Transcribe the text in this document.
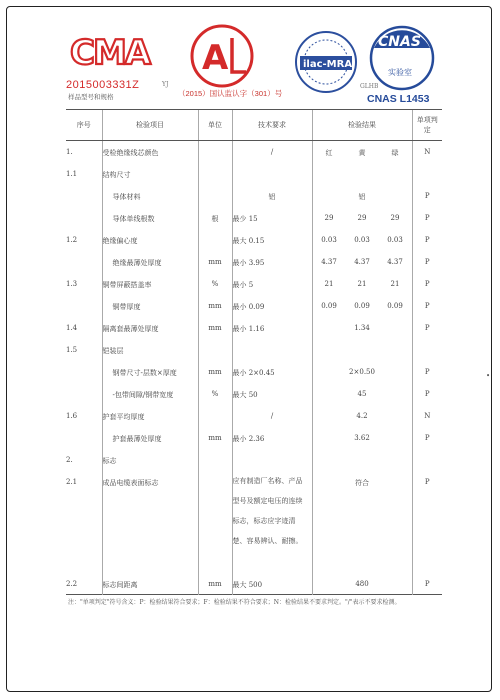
CMA A	ilac-MRA
CNAS
实验室
2015003331Z
（2015）国认监认字（301）号	CNAS L1453
样品型号和规格
YJ	GLHB
序号	检验项目	单位	技术要求	检验结果	单项判定
1.	受检绝缘线芯颜色		/	红 黄 绿	N
1.1	结构尺寸			

	导体材料		铝	铝	P
	导体单线根数	根	最少 15	29 29 29	P
1.2	绝缘偏心度		最大 0.15	0.03 0.03 0.03	P
	绝缘最薄处厚度	mm	最小 3.95	4.37 4.37 4.37	P
1.3	铜带屏蔽搭盖率	%	最小 5	21 21 21	P
	铜带厚度	mm	最小 0.09	0.09 0.09 0.09	P
1.4	隔离套最薄处厚度	mm	最小 1.16	1.34	P
1.5	铠装层			

	钢带尺寸-层数×厚度	mm	最小 2×0.45	2×0.50	P
	-包带间隙/钢带宽度	%	最大 50	45	P
1.6	护套平均厚度		/	4.2	N
	护套最薄处厚度	mm	最小 2.36	3.62	P
2.	标志			

2.1	成品电缆表面标志		应有制造厂名称、产品型号及额定电压的连续标志，标志应字迹清楚、容易辨认、耐擦。	符合	P
2.2	标志间距离	mm	最大 500	480	P
注："单项判定"符号含义：P：检验结果符合要求；F：检验结果不符合要求；N：检验结果不要求判定。"/"表示不要求检测。
•
